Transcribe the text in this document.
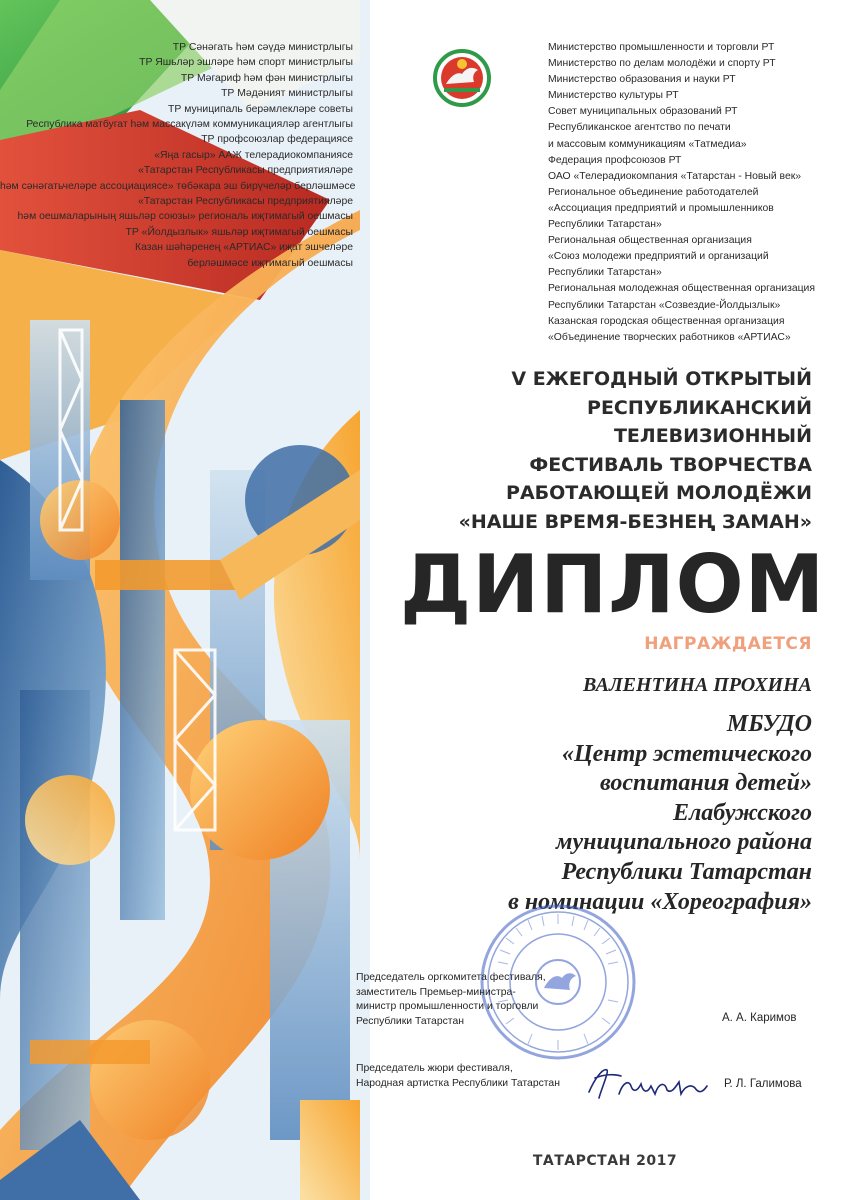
ТР Сәнәгать һәм сәүдә министрлыгы
ТР Яшьләр эшләре һәм спорт министрлыгы
ТР Мәгариф һәм фән министрлыгы
ТР Мәдәният министрлыгы
ТР муниципаль берәмлекләре советы
Республика матбугат һәм массакүләм коммуникацияләр агентлыгы
ТР профсоюзлар федерациясе
«Яңа гасыр» ААЖ телерадиокомпаниясе
«Татарстан Республикасы предприятияләре
һәм сәнәгатьчеләре ассоциациясе» төбәкара эш бирүчеләр берләшмәсе
«Татарстан Республикасы предприятияләре
һәм оешмаларының яшьләр союзы» региональ иҗтимагый оешмасы
ТР «Йолдызлык» яшьләр иҗтимагый оешмасы
Казан шәһәренең «АРТИАС» иҗат эшчеләре
берләшмәсе иҗтимагый оешмасы
Министерство промышленности и торговли РТ
Министерство по делам молодёжи и спорту РТ
Министерство образования и науки РТ
Министерство культуры РТ
Совет муниципальных образований РТ
Республиканское агентство по печати
и массовым коммуникациям «Татмедиа»
Федерация профсоюзов РТ
ОАО «Телерадиокомпания «Татарстан - Новый век»
Региональное объединение работодателей
«Ассоциация предприятий и промышленников
Республики Татарстан»
Региональная общественная организация
«Союз молодежи предприятий и организаций
Республики Татарстан»
Региональная молодежная общественная организация
Республики Татарстан «Созвездие-Йолдызлык»
Казанская городская общественная организация
«Объединение творческих работников «АРТИАС»
V ЕЖЕГОДНЫЙ ОТКРЫТЫЙ
РЕСПУБЛИКАНСКИЙ
ТЕЛЕВИЗИОННЫЙ
ФЕСТИВАЛЬ ТВОРЧЕСТВА
РАБОТАЮЩЕЙ МОЛОДЁЖИ
«НАШЕ ВРЕМЯ-БЕЗНЕҢ ЗАМАН»
ДИПЛОМ
НАГРАЖДАЕТСЯ
ВАЛЕНТИНА ПРОХИНА
МБУДО
«Центр эстетического
воспитания детей»
Елабужского
муниципального района
Республики Татарстан
в номинации «Хореография»
Председатель оргкомитета фестиваля,
заместитель Премьер-министра-
министр промышленности и торговли
Республики Татарстан	А. А. Каримов
Председатель жюри фестиваля,
Народная артистка Республики Татарстан	Р. Л. Галимова
ТАТАРСТАН 2017
